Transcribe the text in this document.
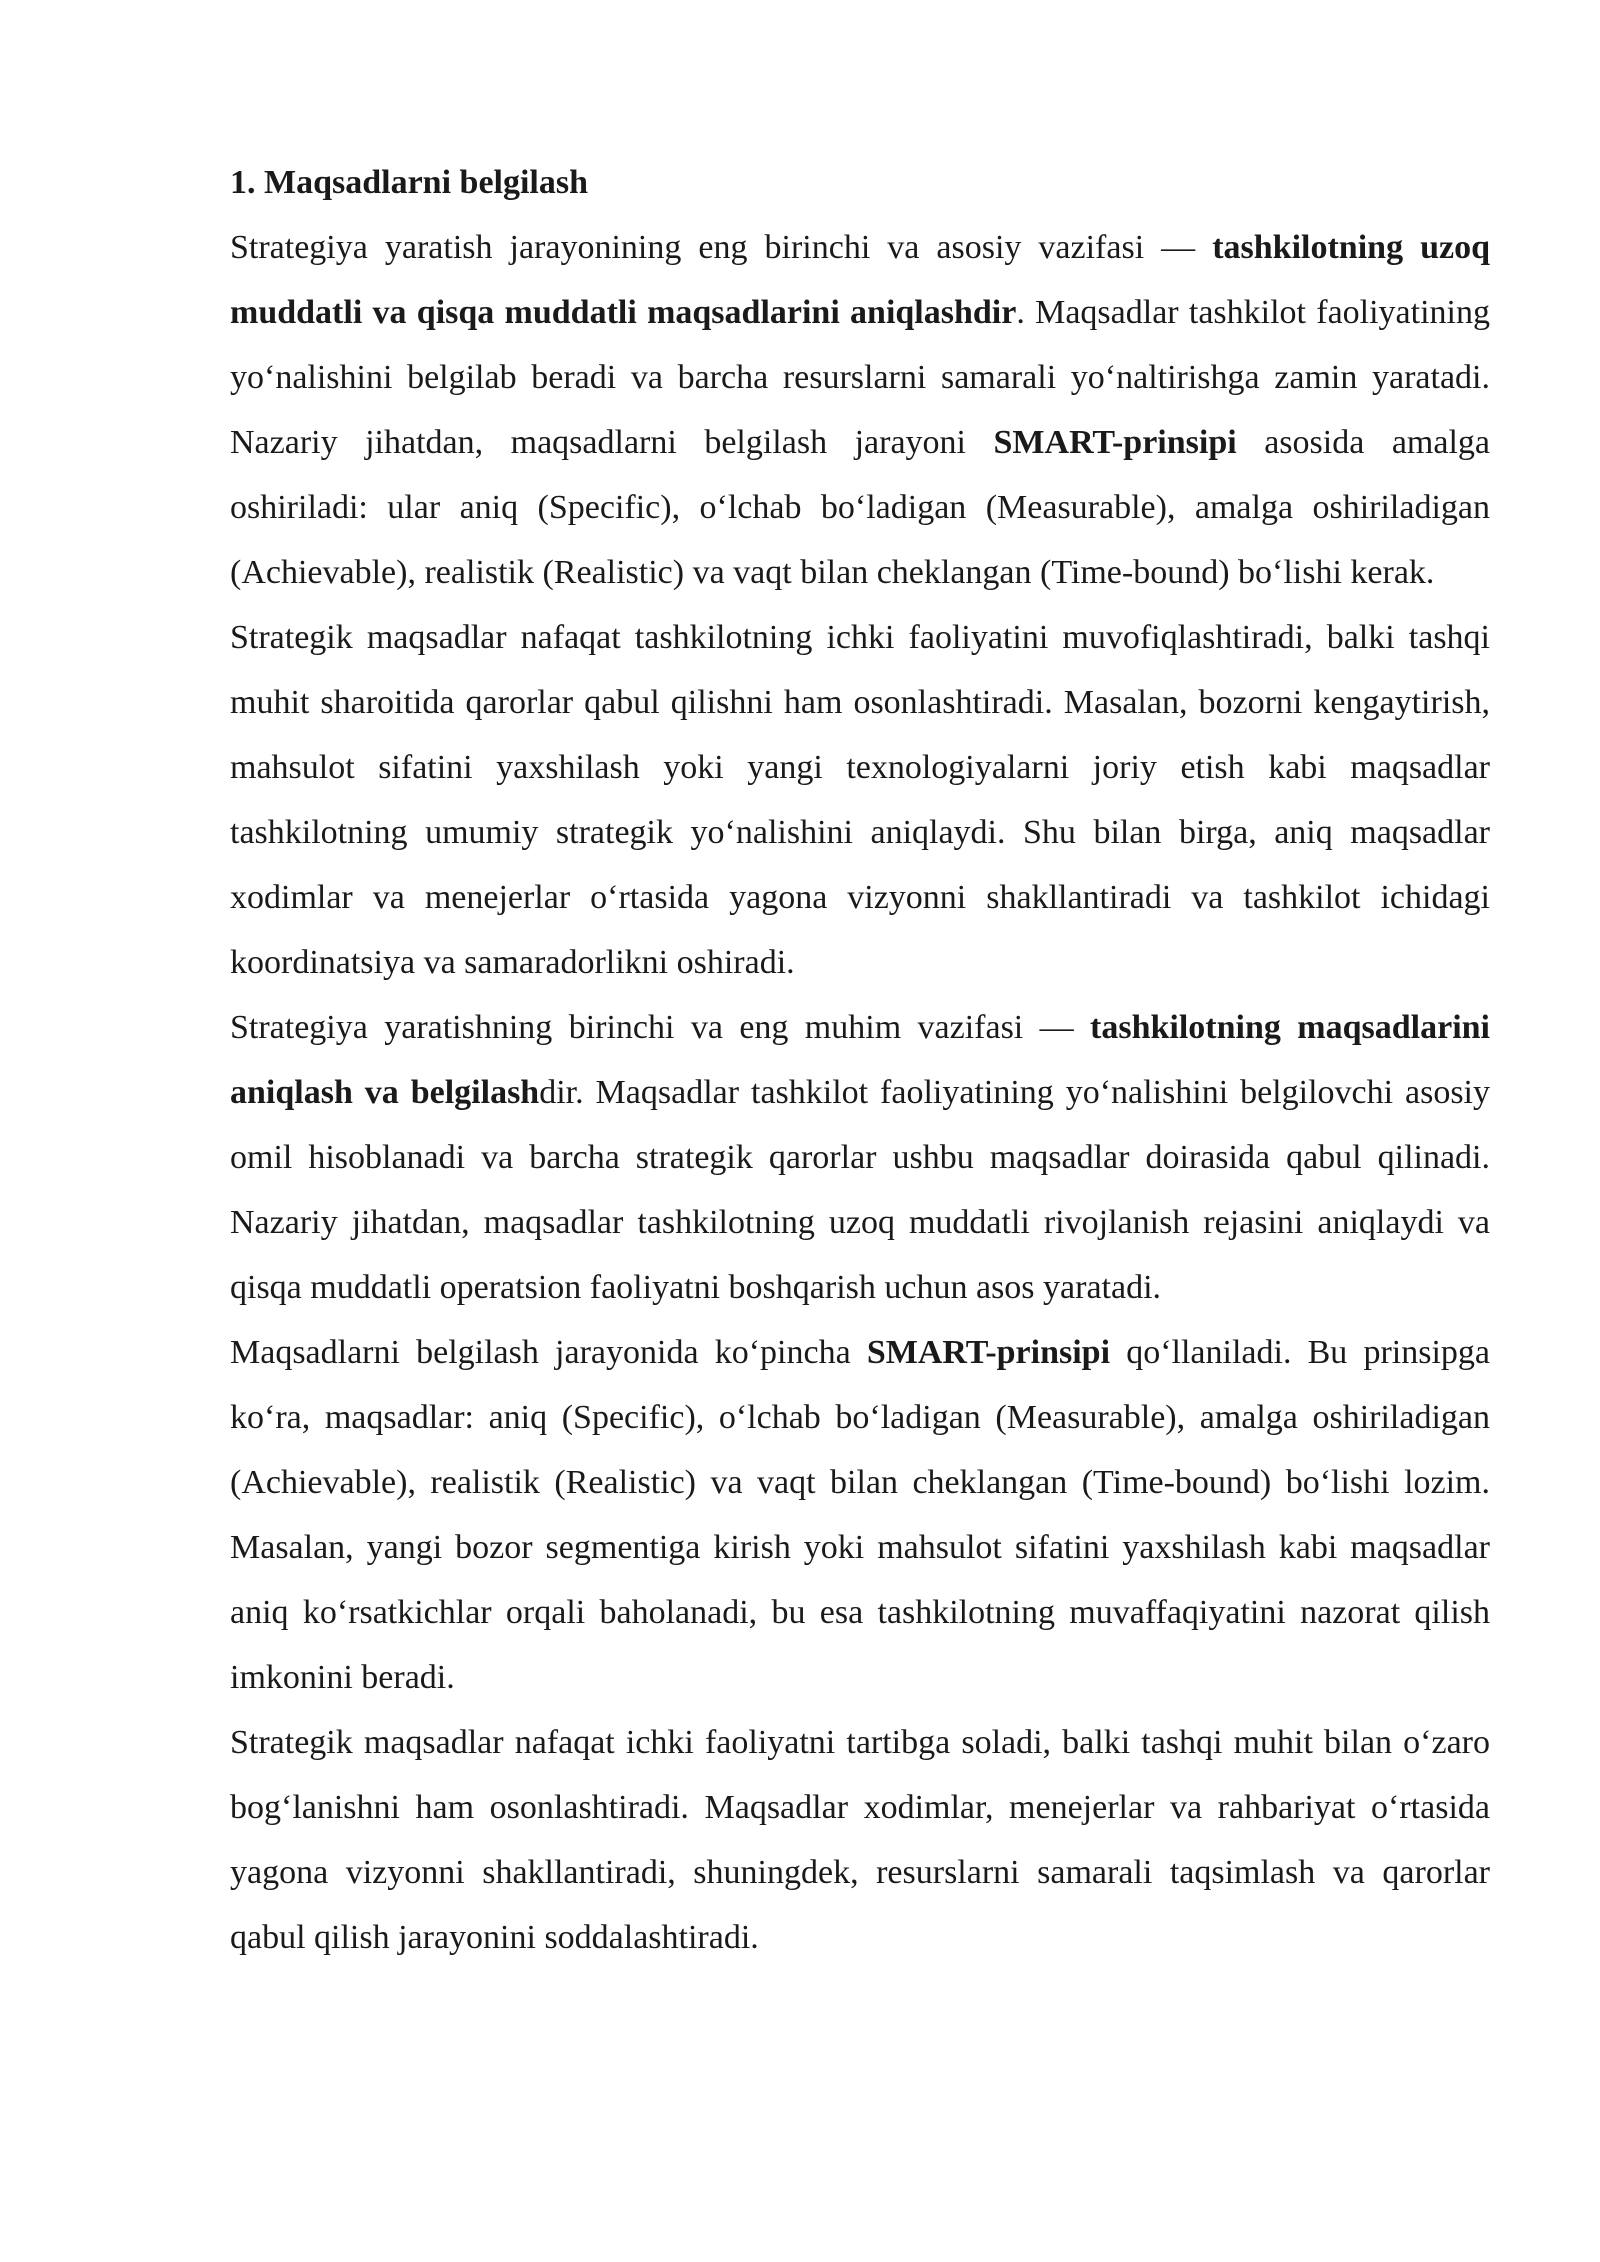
1. Maqsadlarni belgilash

Strategiya yaratish jarayonining eng birinchi va asosiy vazifasi — tashkilotning uzoq muddatli va qisqa muddatli maqsadlarini aniqlashdir. Maqsadlar tashkilot faoliyatining yo‘nalishini belgilab beradi va barcha resurslarni samarali yo‘naltirishga zamin yaratadi. Nazariy jihatdan, maqsadlarni belgilash jarayoni SMART-prinsipi asosida amalga oshiriladi: ular aniq (Specific), o‘lchab bo‘ladigan (Measurable), amalga oshiriladigan (Achievable), realistik (Realistic) va vaqt bilan cheklangan (Time-bound) bo‘lishi kerak.

Strategik maqsadlar nafaqat tashkilotning ichki faoliyatini muvofiqlashtiradi, balki tashqi muhit sharoitida qarorlar qabul qilishni ham osonlashtiradi. Masalan, bozorni kengaytirish, mahsulot sifatini yaxshilash yoki yangi texnologiyalarni joriy etish kabi maqsadlar tashkilotning umumiy strategik yo‘nalishini aniqlaydi. Shu bilan birga, aniq maqsadlar xodimlar va menejerlar o‘rtasida yagona vizyonni shakllantiradi va tashkilot ichidagi koordinatsiya va samaradorlikni oshiradi.

Strategiya yaratishning birinchi va eng muhim vazifasi — tashkilotning maqsadlarini aniqlash va belgilashdir. Maqsadlar tashkilot faoliyatining yo‘nalishini belgilovchi asosiy omil hisoblanadi va barcha strategik qarorlar ushbu maqsadlar doirasida qabul qilinadi. Nazariy jihatdan, maqsadlar tashkilotning uzoq muddatli rivojlanish rejasini aniqlaydi va qisqa muddatli operatsion faoliyatni boshqarish uchun asos yaratadi.

Maqsadlarni belgilash jarayonida ko‘pincha SMART-prinsipi qo‘llaniladi. Bu prinsipga ko‘ra, maqsadlar: aniq (Specific), o‘lchab bo‘ladigan (Measurable), amalga oshiriladigan (Achievable), realistik (Realistic) va vaqt bilan cheklangan (Time-bound) bo‘lishi lozim. Masalan, yangi bozor segmentiga kirish yoki mahsulot sifatini yaxshilash kabi maqsadlar aniq ko‘rsatkichlar orqali baholanadi, bu esa tashkilotning muvaffaqiyatini nazorat qilish imkonini beradi.

Strategik maqsadlar nafaqat ichki faoliyatni tartibga soladi, balki tashqi muhit bilan o‘zaro bog‘lanishni ham osonlashtiradi. Maqsadlar xodimlar, menejerlar va rahbariyat o‘rtasida yagona vizyonni shakllantiradi, shuningdek, resurslarni samarali taqsimlash va qarorlar qabul qilish jarayonini soddalashtiradi.
